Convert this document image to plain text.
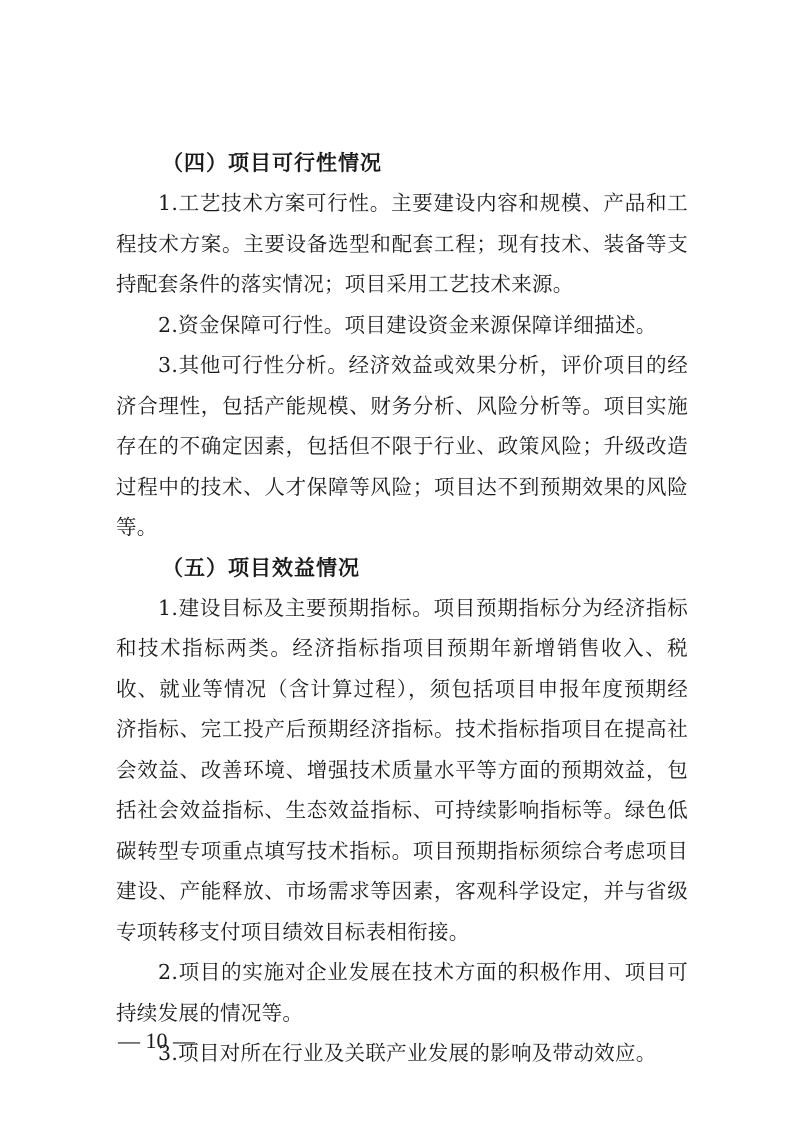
（四）项目可行性情况

1.工艺技术方案可行性。主要建设内容和规模、产品和工程技术方案。主要设备选型和配套工程；现有技术、装备等支持配套条件的落实情况；项目采用工艺技术来源。

2.资金保障可行性。项目建设资金来源保障详细描述。

3.其他可行性分析。经济效益或效果分析，评价项目的经济合理性，包括产能规模、财务分析、风险分析等。项目实施存在的不确定因素，包括但不限于行业、政策风险；升级改造过程中的技术、人才保障等风险；项目达不到预期效果的风险等。

（五）项目效益情况

1.建设目标及主要预期指标。项目预期指标分为经济指标和技术指标两类。经济指标指项目预期年新增销售收入、税收、就业等情况（含计算过程），须包括项目申报年度预期经济指标、完工投产后预期经济指标。技术指标指项目在提高社会效益、改善环境、增强技术质量水平等方面的预期效益，包括社会效益指标、生态效益指标、可持续影响指标等。绿色低碳转型专项重点填写技术指标。项目预期指标须综合考虑项目建设、产能释放、市场需求等因素，客观科学设定，并与省级专项转移支付项目绩效目标表相衔接。

2.项目的实施对企业发展在技术方面的积极作用、项目可持续发展的情况等。

3.项目对所在行业及关联产业发展的影响及带动效应。

— 10 —
